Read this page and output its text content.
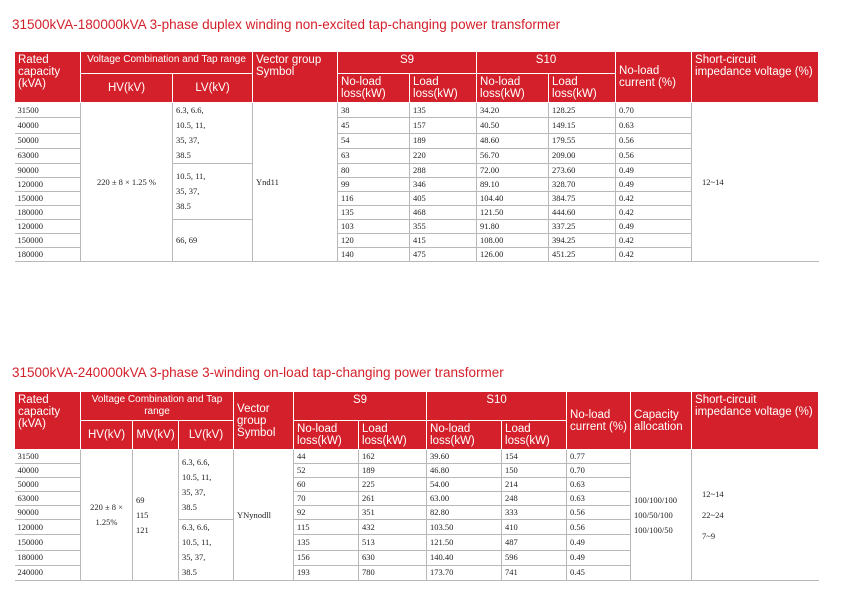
31500kVA-180000kVA 3-phase duplex winding non-excited tap-changing power transformer
Rated capacity (kVA)	Voltage Combination and Tap range		Vector group Symbol	S9		S10		No-load current (%)	Short-circuit impedance voltage (%)
	HV(kV)	LV(kV)		No-load loss(kW)	Load loss(kW)	No-load loss(kW)	Load loss(kW)		
31500	220 ± 8 × 1.25 %	6.3, 6.6,
10.5, 11,
35, 37,
38.5	Ynd11	38	135	34.20	128.25	0.70	12~14
40000				45	157	40.50	149.15	0.63	
50000				54	189	48.60	179.55	0.56	
63000				63	220	56.70	209.00	0.56	
90000		10.5, 11,
35, 37,
38.5		80	288	72.00	273.60	0.49	
120000				99	346	89.10	328.70	0.49	
150000				116	405	104.40	384.75	0.42	
180000				135	468	121.50	444.60	0.42	
120000		66, 69		103	355	91.80	337.25	0.49	
150000				120	415	108.00	394.25	0.42	
180000				140	475	126.00	451.25	0.42	
31500kVA-240000kVA 3-phase 3-winding on-load tap-changing power transformer
Rated capacity (kVA)	Voltage Combination and Tap range			Vector group Symbol	S9		S10		No-load current (%)	Capacity allocation	Short-circuit impedance voltage (%)
	HV(kV)	MV(kV)	LV(kV)		No-load loss(kW)	Load loss(kW)	No-load loss(kW)	Load loss(kW)			
31500	220 ± 8 ×
1.25%	69
115
121	6.3, 6.6,
10.5, 11,
35, 37,
38.5	YNynodll	44	162	39.60	154	0.77	100/100/100
100/50/100
100/100/50	12~14
22~24
7~9

40000					52	189	46.80	150	0.70		
50000					60	225	54.00	214	0.63		
63000					70	261	63.00	248	0.63		
90000					92	351	82.80	333	0.56		
120000			6.3, 6.6,
10.5, 11,
35, 37,
38.5		115	432	103.50	410	0.56		
150000					135	513	121.50	487	0.49		
180000					156	630	140.40	596	0.49		
240000					193	780	173.70	741	0.45		
